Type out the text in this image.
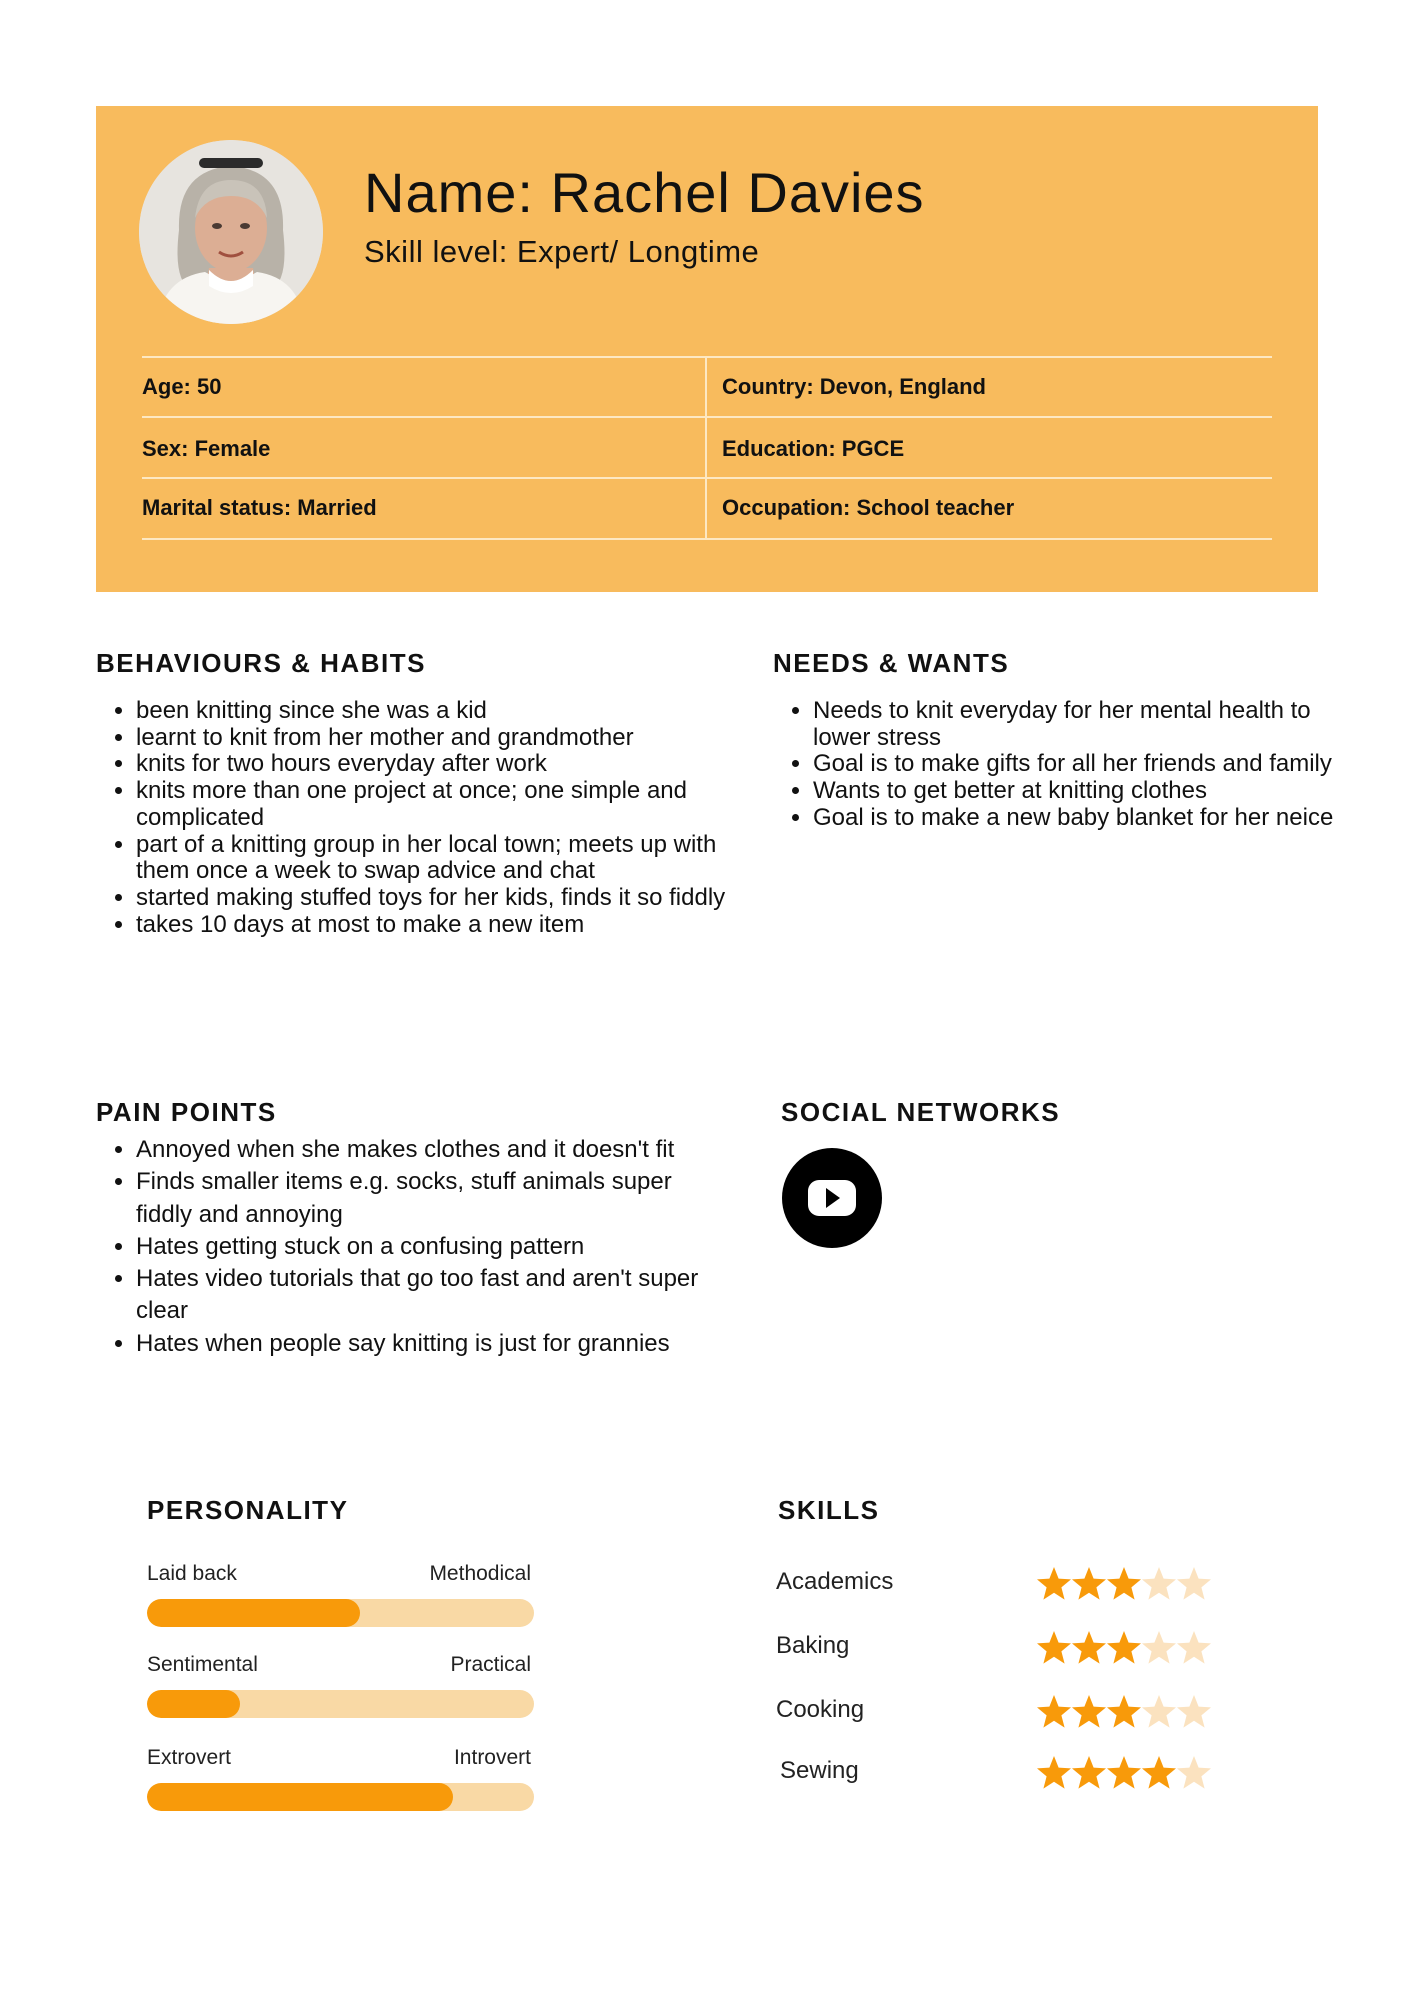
Name: Rachel Davies
Skill level: Expert/ Longtime
Age: 50	Country: Devon, England
Sex: Female	Education: PGCE
Marital status: Married	Occupation: School teacher
BEHAVIOURS & HABITS
• been knitting since she was a kid
• learnt to knit from her mother and grandmother
• knits for two hours everyday after work
• knits more than one project at once; one simple and complicated
• part of a knitting group in her local town; meets up with them once a week to swap advice and chat
• started making stuffed toys for her kids, finds it so fiddly
• takes 10 days at most to make a new item
NEEDS & WANTS
• Needs to knit everyday for her mental health to lower stress
• Goal is to make gifts for all her friends and family
• Wants to get better at knitting clothes
• Goal is to make a new baby blanket for her neice
PAIN POINTS
• Annoyed when she makes clothes and it doesn't fit
• Finds smaller items e.g. socks, stuff animals super fiddly and annoying
• Hates getting stuck on a confusing pattern
• Hates video tutorials that go too fast and aren't super clear
• Hates when people say knitting is just for grannies
SOCIAL NETWORKS
PERSONALITY
Laid back	Methodical
Sentimental	Practical
Extrovert	Introvert
SKILLS
Academics
Baking
Cooking
Sewing
